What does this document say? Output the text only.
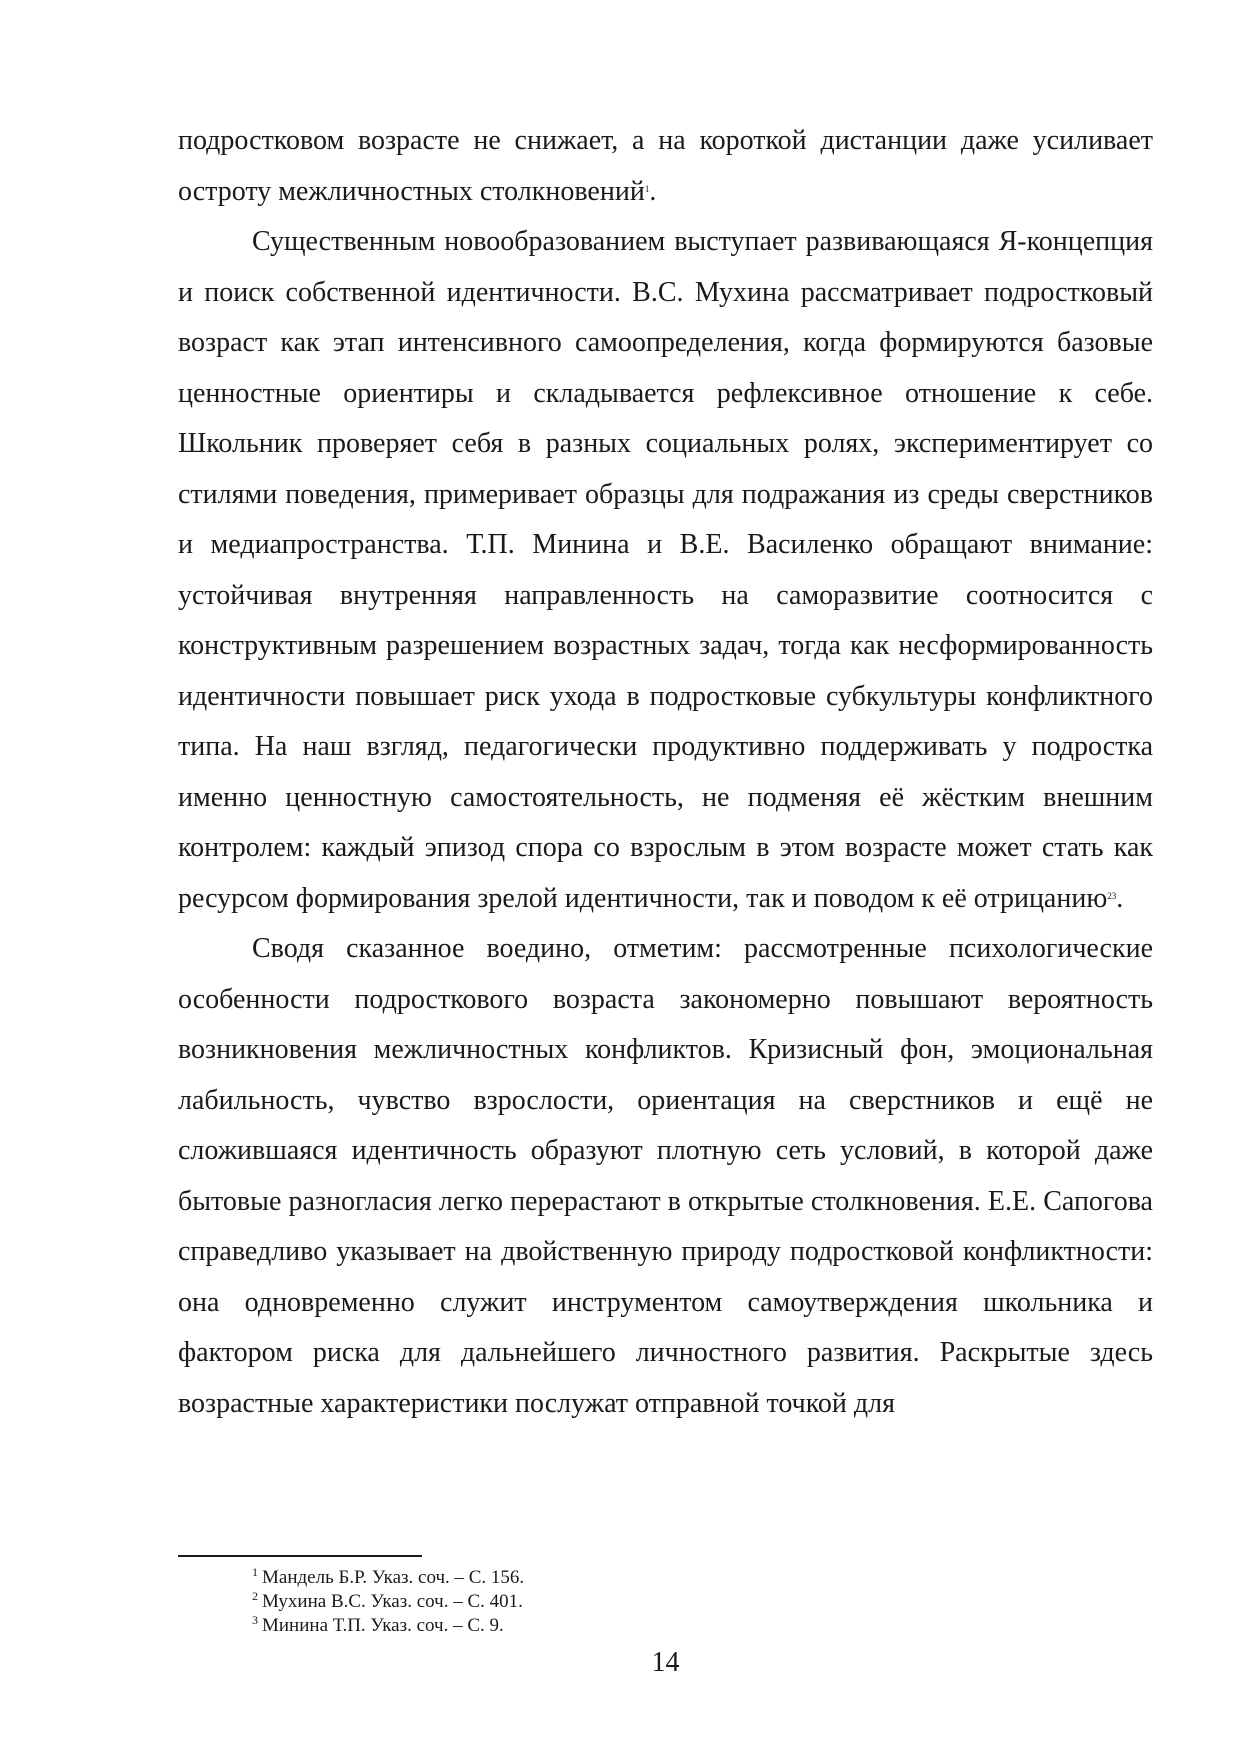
подростковом возрасте не снижает, а на короткой дистанции даже усиливает остроту межличностных столкновений$^1$.

Существенным новообразованием выступает развивающаяся Я-концепция и поиск собственной идентичности. В.С. Мухина рассматривает подростковый возраст как этап интенсивного самоопределения, когда формируются базовые ценностные ориентиры и складывается рефлексивное отношение к себе. Школьник проверяет себя в разных социальных ролях, экспериментирует со стилями поведения, примеривает образцы для подражания из среды сверстников и медиапространства. Т.П. Минина и В.Е. Василенко обращают внимание: устойчивая внутренняя направленность на саморазвитие соотносится с конструктивным разрешением возрастных задач, тогда как несформированность идентичности повышает риск ухода в подростковые субкультуры конфликтного типа. На наш взгляд, педагогически продуктивно поддерживать у подростка именно ценностную самостоятельность, не подменяя её жёстким внешним контролем: каждый эпизод спора со взрослым в этом возрасте может стать как ресурсом формирования зрелой идентичности, так и поводом к её отрицанию$^{23}$.

Сводя сказанное воедино, отметим: рассмотренные психологические особенности подросткового возраста закономерно повышают вероятность возникновения межличностных конфликтов. Кризисный фон, эмоциональная лабильность, чувство взрослости, ориентация на сверстников и ещё не сложившаяся идентичность образуют плотную сеть условий, в которой даже бытовые разногласия легко перерастают в открытые столкновения. Е.Е. Сапогова справедливо указывает на двойственную природу подростковой конфликтности: она одновременно служит инструментом самоутверждения школьника и фактором риска для дальнейшего личностного развития. Раскрытые здесь возрастные характеристики послужат отправной точкой для

$^1$ Мандель Б.Р. Указ. соч. – С. 156.

$^2$ Мухина В.С. Указ. соч. – С. 401.

$^3$ Минина Т.П. Указ. соч. – С. 9.

14
